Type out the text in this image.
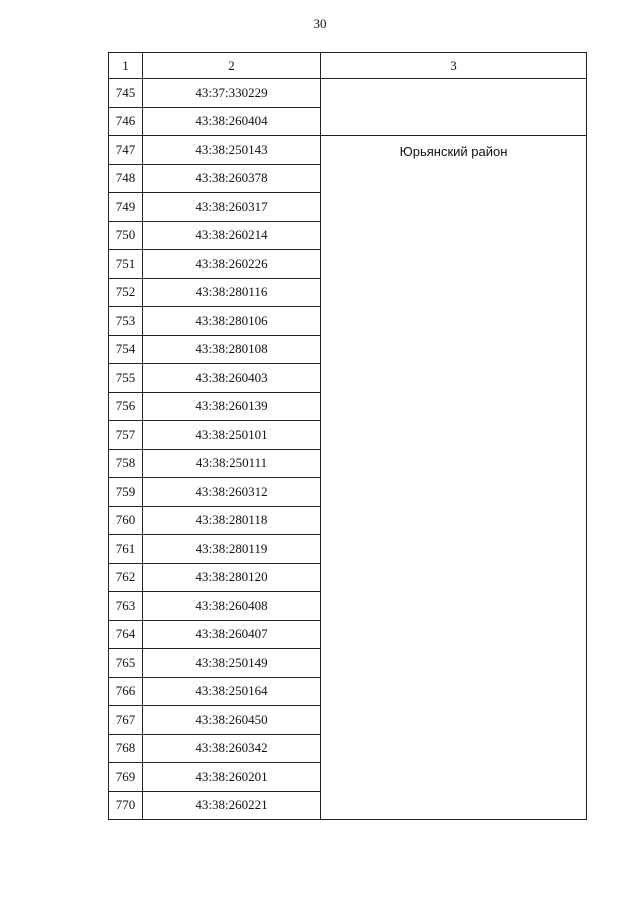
30
1	2	3
745	43:37:330229	

746	43:38:260404	
747	43:38:250143	Юрьянский район

748	43:38:260378	
749	43:38:260317	
750	43:38:260214	
751	43:38:260226	
752	43:38:280116	
753	43:38:280106	
754	43:38:280108	
755	43:38:260403	
756	43:38:260139	
757	43:38:250101	
758	43:38:250111	
759	43:38:260312	
760	43:38:280118	
761	43:38:280119	
762	43:38:280120	
763	43:38:260408	
764	43:38:260407	
765	43:38:250149	
766	43:38:250164	
767	43:38:260450	
768	43:38:260342	
769	43:38:260201	
770	43:38:260221	
